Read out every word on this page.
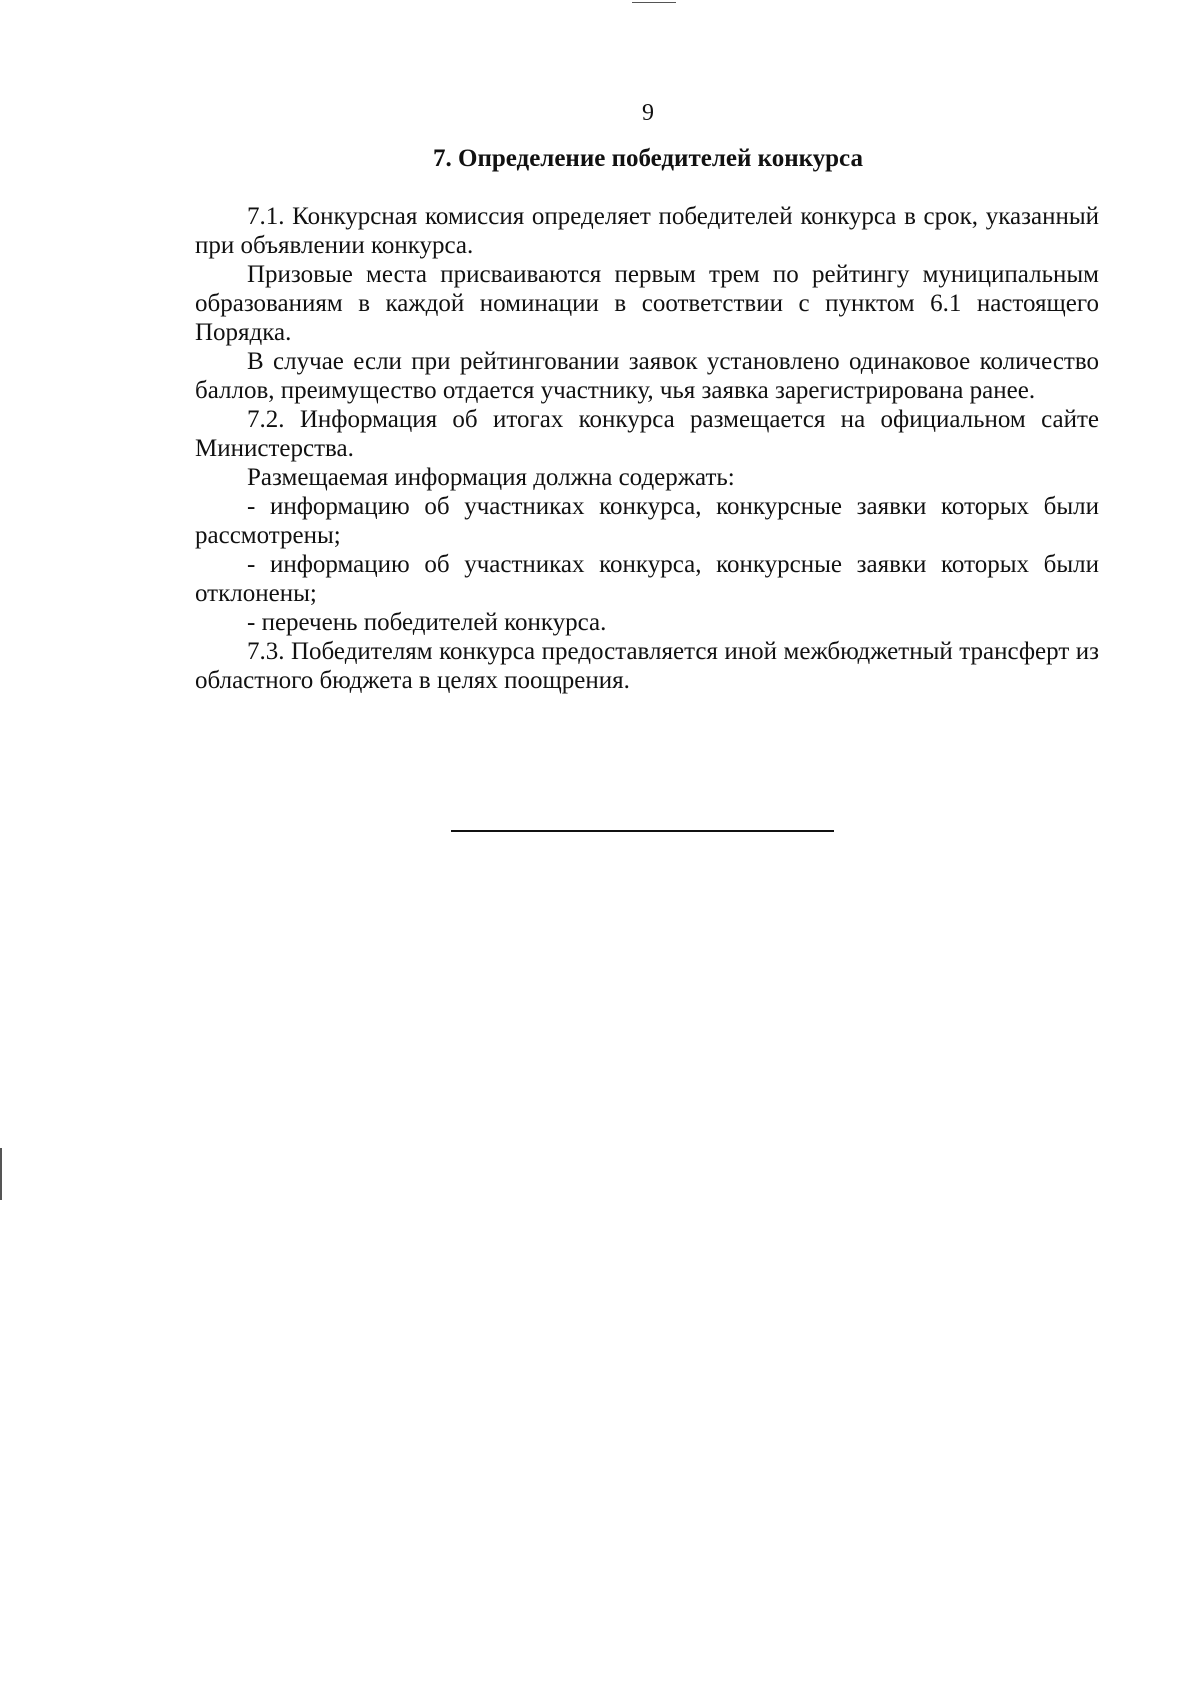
9
7. Определение победителей конкурса

7.1. Конкурсная комиссия определяет победителей конкурса в срок, указанный при объявлении конкурса.

Призовые места присваиваются первым трем по рейтингу муниципальным образованиям в каждой номинации в соответствии с пунктом 6.1 настоящего Порядка.

В случае если при рейтинговании заявок установлено одинаковое количество баллов, преимущество отдается участнику, чья заявка зарегистрирована ранее.

7.2. Информация об итогах конкурса размещается на официальном сайте Министерства.

Размещаемая информация должна содержать:

- информацию об участниках конкурса, конкурсные заявки которых были рассмотрены;

- информацию об участниках конкурса, конкурсные заявки которых были отклонены;

- перечень победителей конкурса.

7.3. Победителям конкурса предоставляется иной межбюджетный трансферт из областного бюджета в целях поощрения.
